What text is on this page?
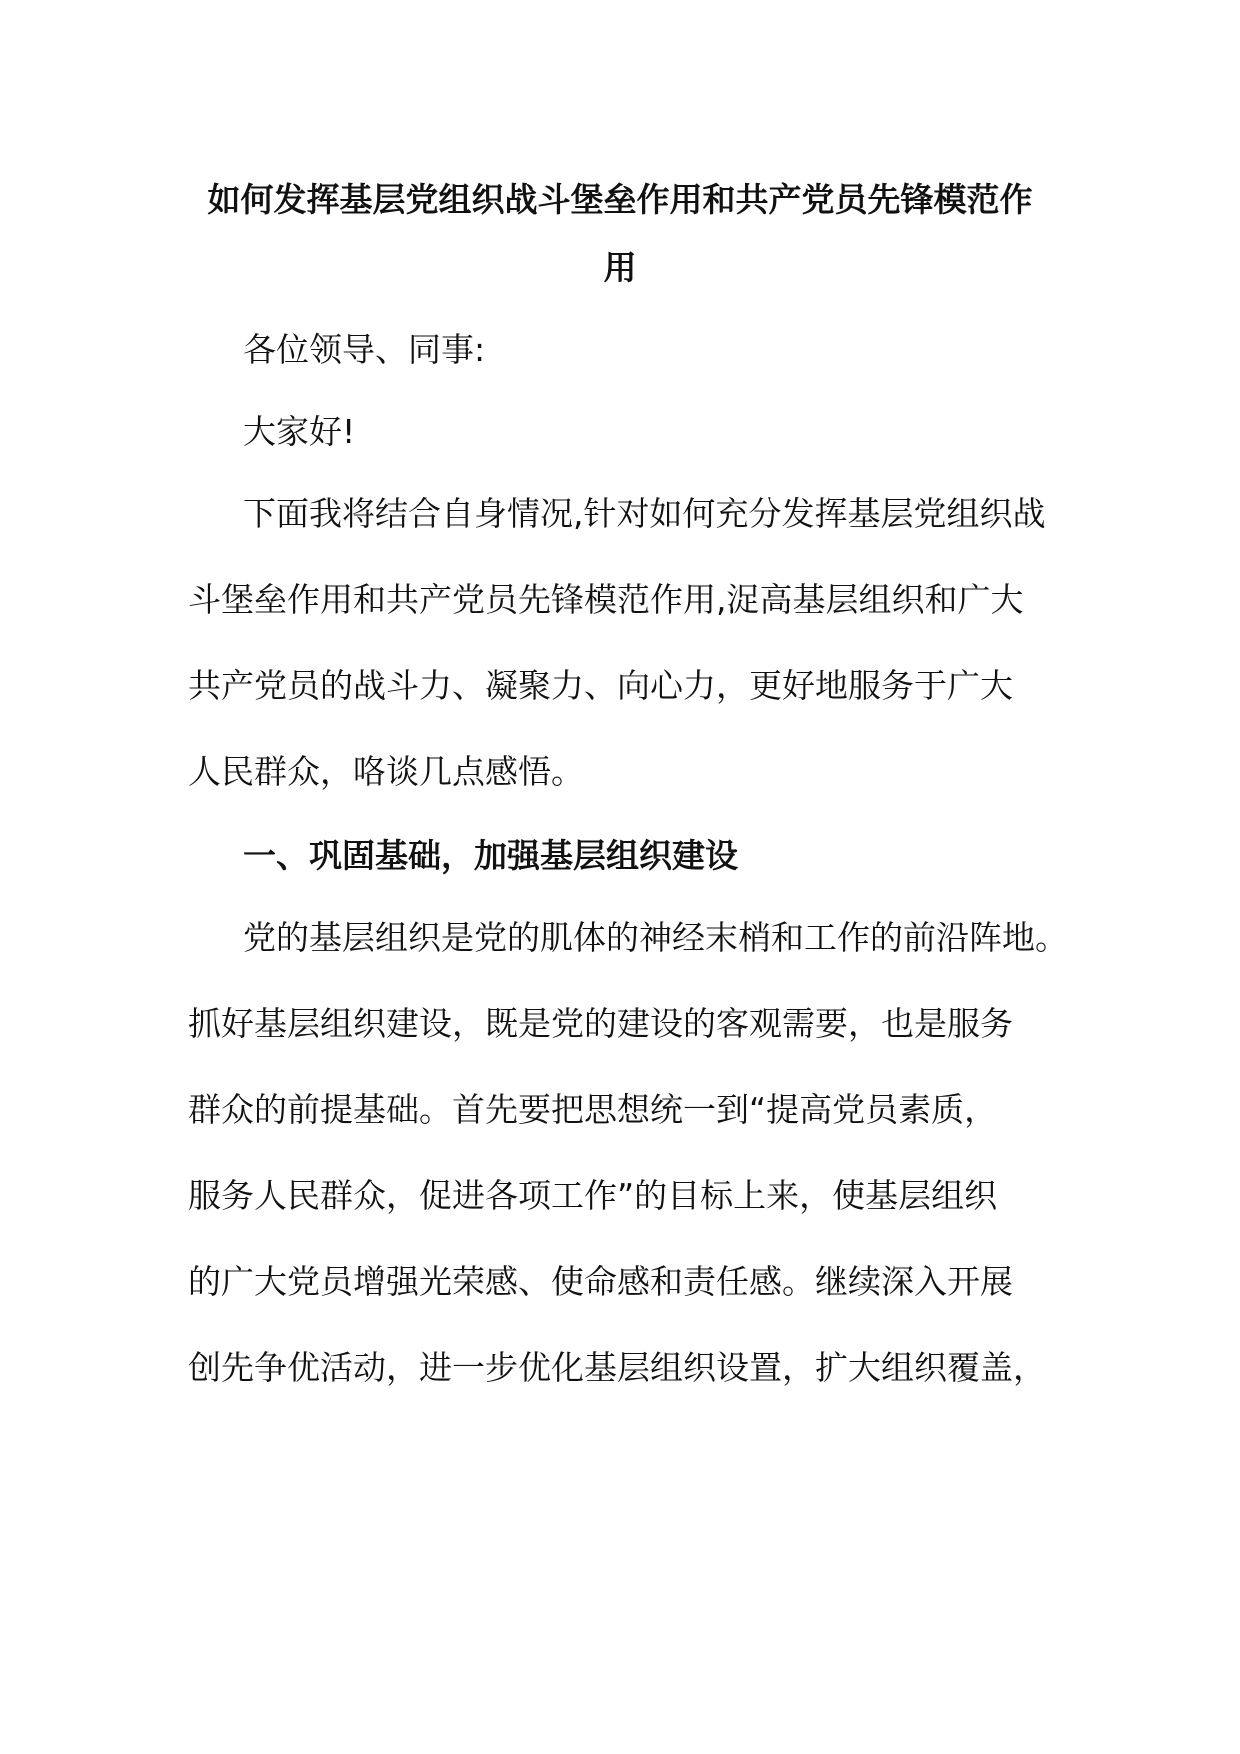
如何发挥基层党组织战斗堡垒作用和共产党员先锋模范作
用
各位领导、同事:
大家好!
下面我将结合自身情况,针对如何充分发挥基层党组织战
斗堡垒作用和共产党员先锋模范作用,浞高基层组织和广大
共产党员的战斗力、凝聚力、向心力，更好地服务于广大
人民群众，咯谈几点感悟。
一、巩固基础，加强基层组织建设
党的基层组织是党的肌体的神经末梢和工作的前沿阵地。
抓好基层组织建设，既是党的建设的客观需要，也是服务
群众的前提基础。首先要把思想统一到“提高党员素质，
服务人民群众，促进各项工作”的目标上来，使基层组织
的广大党员增强光荣感、使命感和责任感。继续深入开展
创先争优活动，进一步优化基层组织设置，扩大组织覆盖，
